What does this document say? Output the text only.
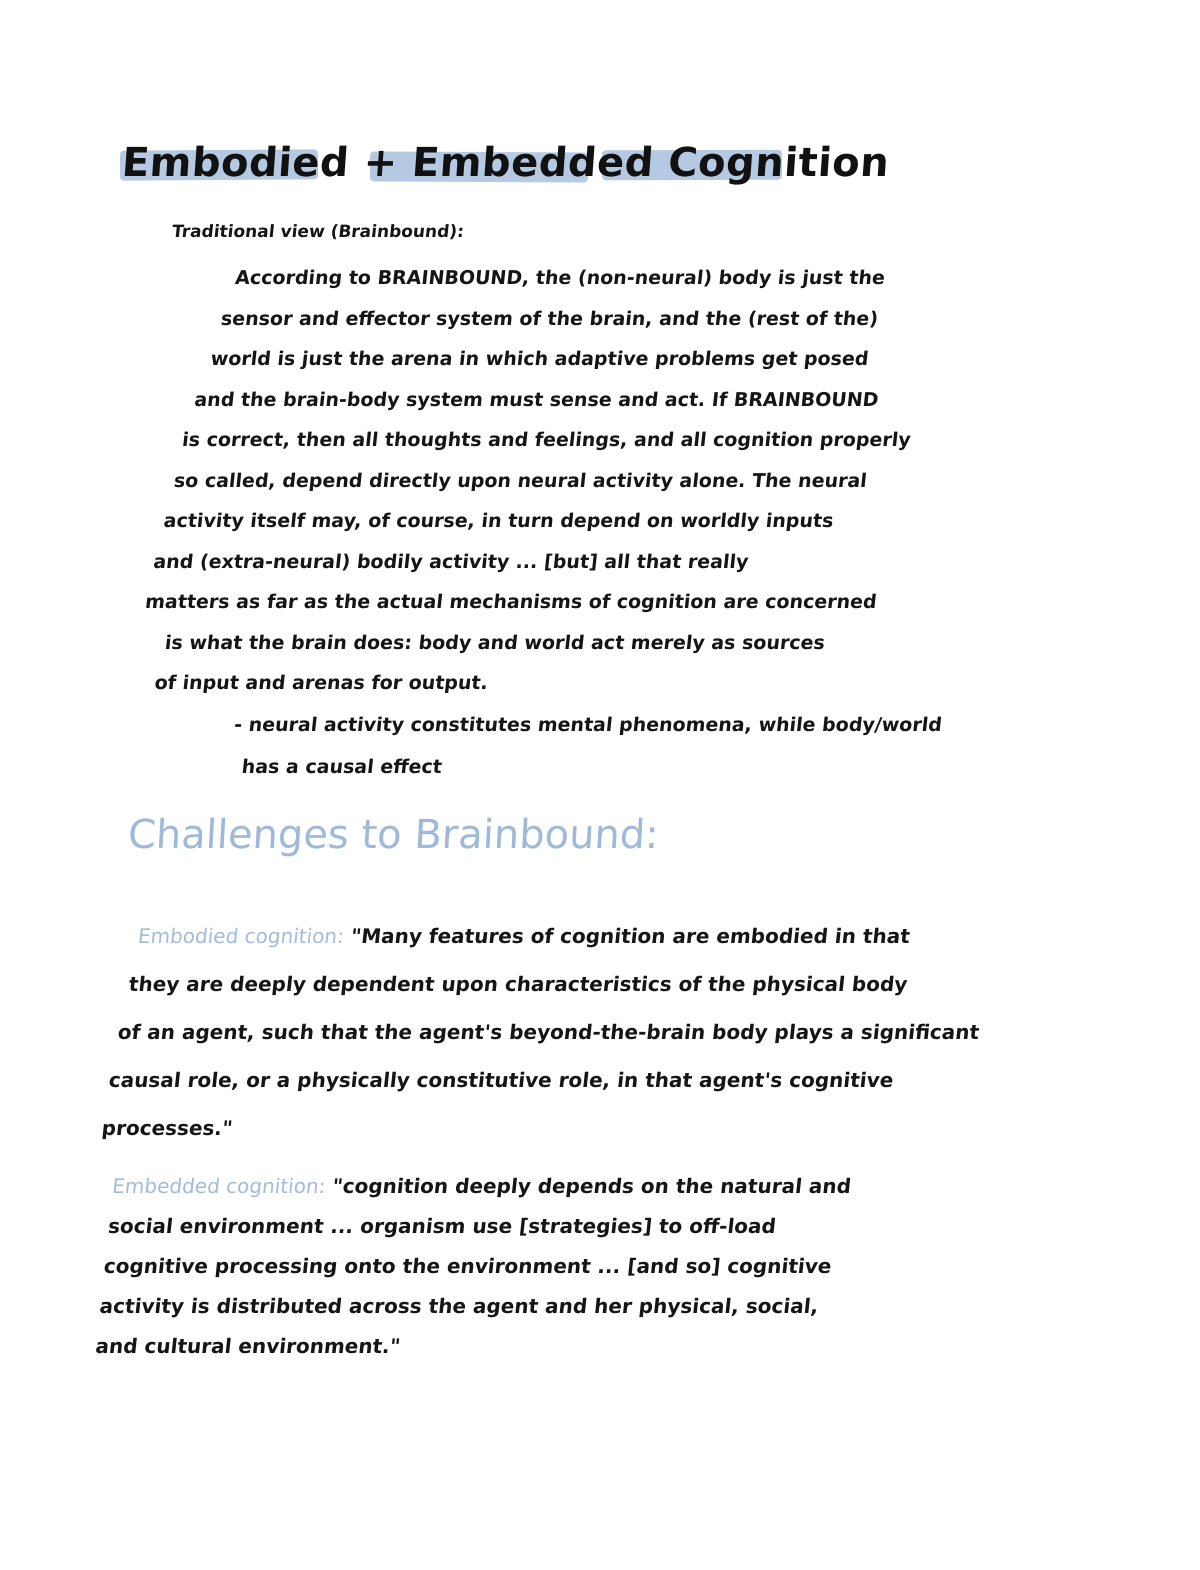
Embodied + Embedded Cognition
Traditional view (Brainbound):
According to BRAINBOUND, the (non-neural) body is just the
sensor and effector system of the brain, and the (rest of the)
world is just the arena in which adaptive problems get posed
and the brain-body system must sense and act. If BRAINBOUND
is correct, then all thoughts and feelings, and all cognition properly
so called, depend directly upon neural activity alone. The neural
activity itself may, of course, in turn depend on worldly inputs
and (extra-neural) bodily activity ... [but] all that really
matters as far as the actual mechanisms of cognition are concerned
is what the brain does: body and world act merely as sources
of input and arenas for output.
- neural activity constitutes mental phenomena, while body/world
has a causal effect
Challenges to Brainbound:
Embodied cognition: "Many features of cognition are embodied in that
they are deeply dependent upon characteristics of the physical body
of an agent, such that the agent's beyond-the-brain body plays a significant
causal role, or a physically constitutive role, in that agent's cognitive
processes."
Embedded cognition: "cognition deeply depends on the natural and
social environment ... organism use [strategies] to off-load
cognitive processing onto the environment ... [and so] cognitive
activity is distributed across the agent and her physical, social,
and cultural environment."
